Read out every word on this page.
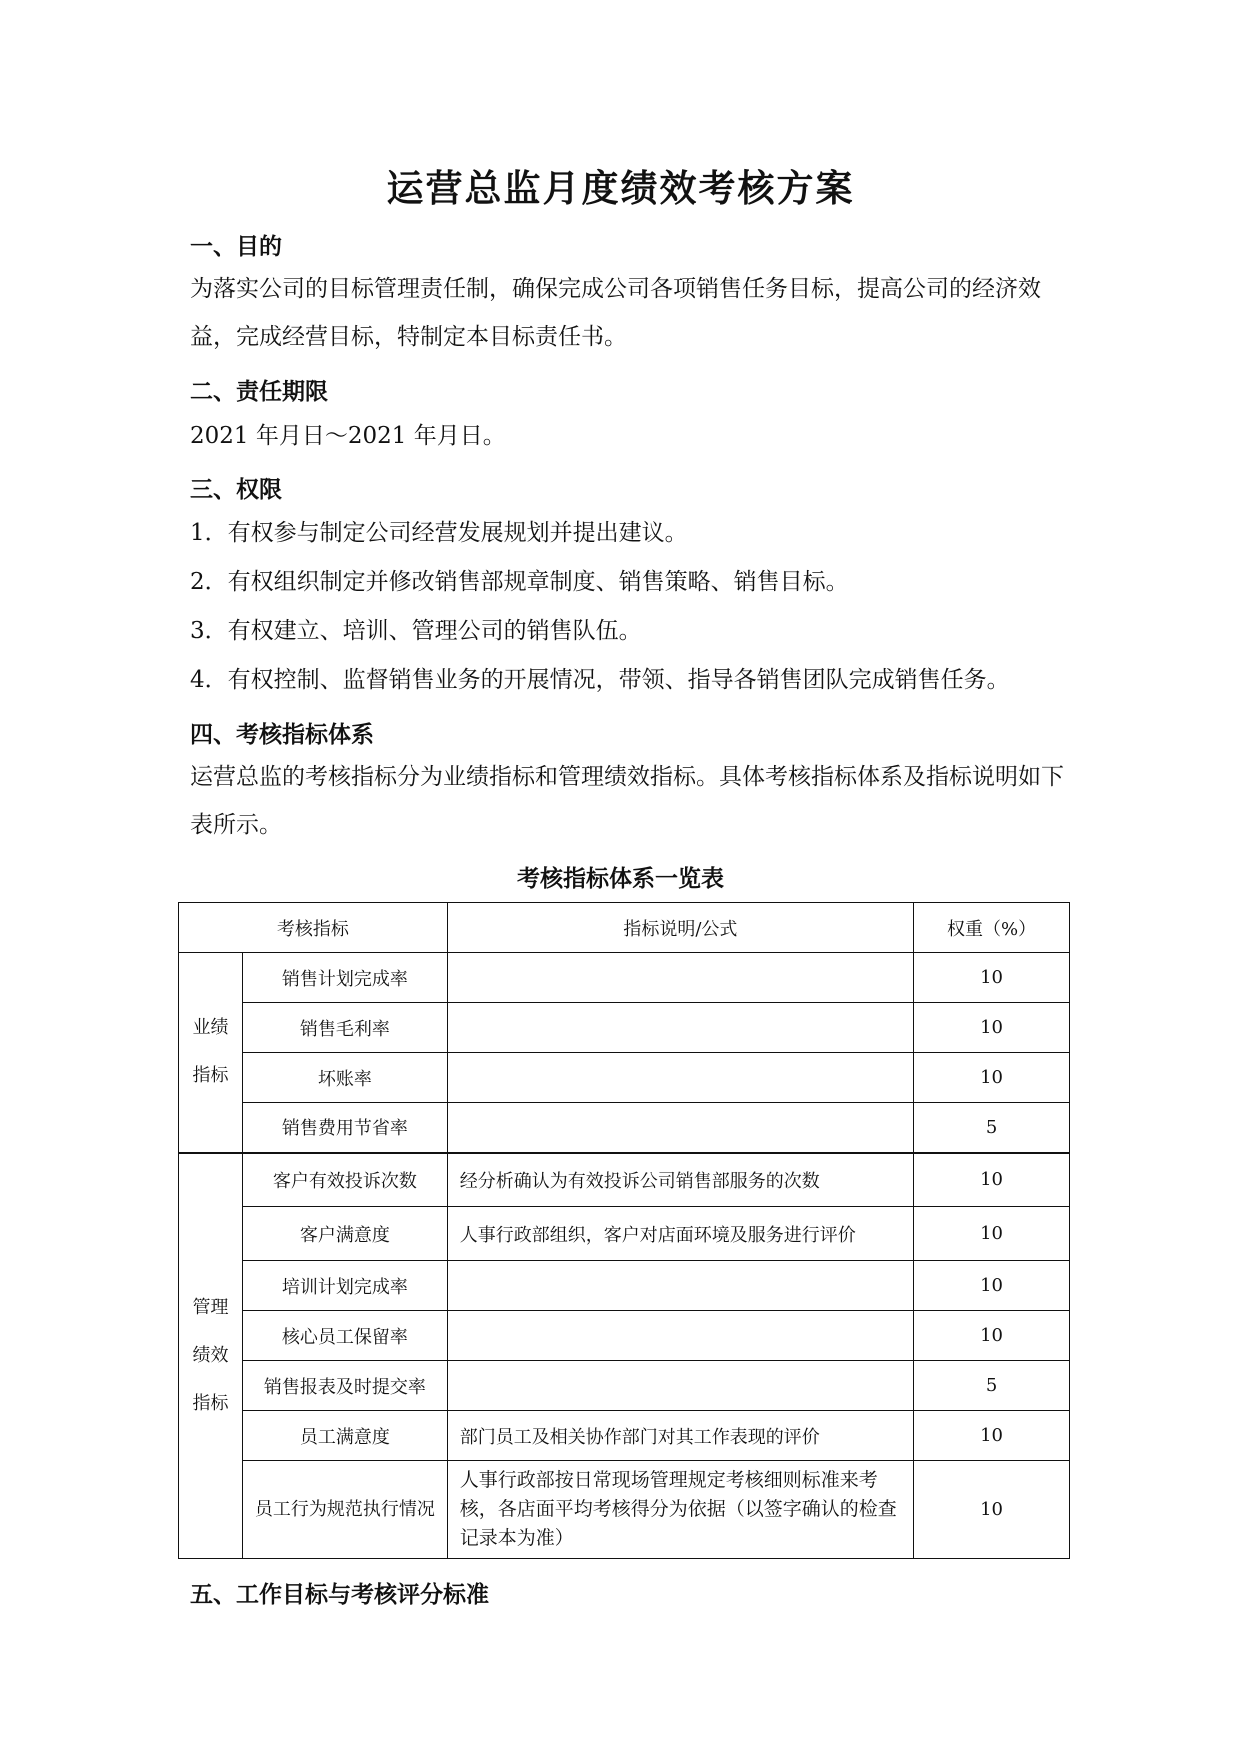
运营总监月度绩效考核方案
一、目的
为落实公司的目标管理责任制，确保完成公司各项销售任务目标，提高公司的经济效益，完成经营目标，特制定本目标责任书。
二、责任期限
2021 年月日～2021 年月日。
三、权限
1．有权参与制定公司经营发展规划并提出建议。
2．有权组织制定并修改销售部规章制度、销售策略、销售目标。
3．有权建立、培训、管理公司的销售队伍。
4．有权控制、监督销售业务的开展情况，带领、指导各销售团队完成销售任务。
四、考核指标体系
运营总监的考核指标分为业绩指标和管理绩效指标。具体考核指标体系及指标说明如下表所示。
考核指标体系一览表
考核指标		指标说明/公式	权重（%）
业绩
指标	销售计划完成率		10
	销售毛利率		10
	坏账率		10
	销售费用节省率		5
管理
绩效
指标	客户有效投诉次数	经分析确认为有效投诉公司销售部服务的次数	10
	客户满意度	人事行政部组织，客户对店面环境及服务进行评价	10
	培训计划完成率		10
	核心员工保留率		10
	销售报表及时提交率		5
	员工满意度	部门员工及相关协作部门对其工作表现的评价	10
	员工行为规范执行情况	人事行政部按日常现场管理规定考核细则标准来考核，各店面平均考核得分为依据（以签字确认的检查记录本为准）	10
五、工作目标与考核评分标准
